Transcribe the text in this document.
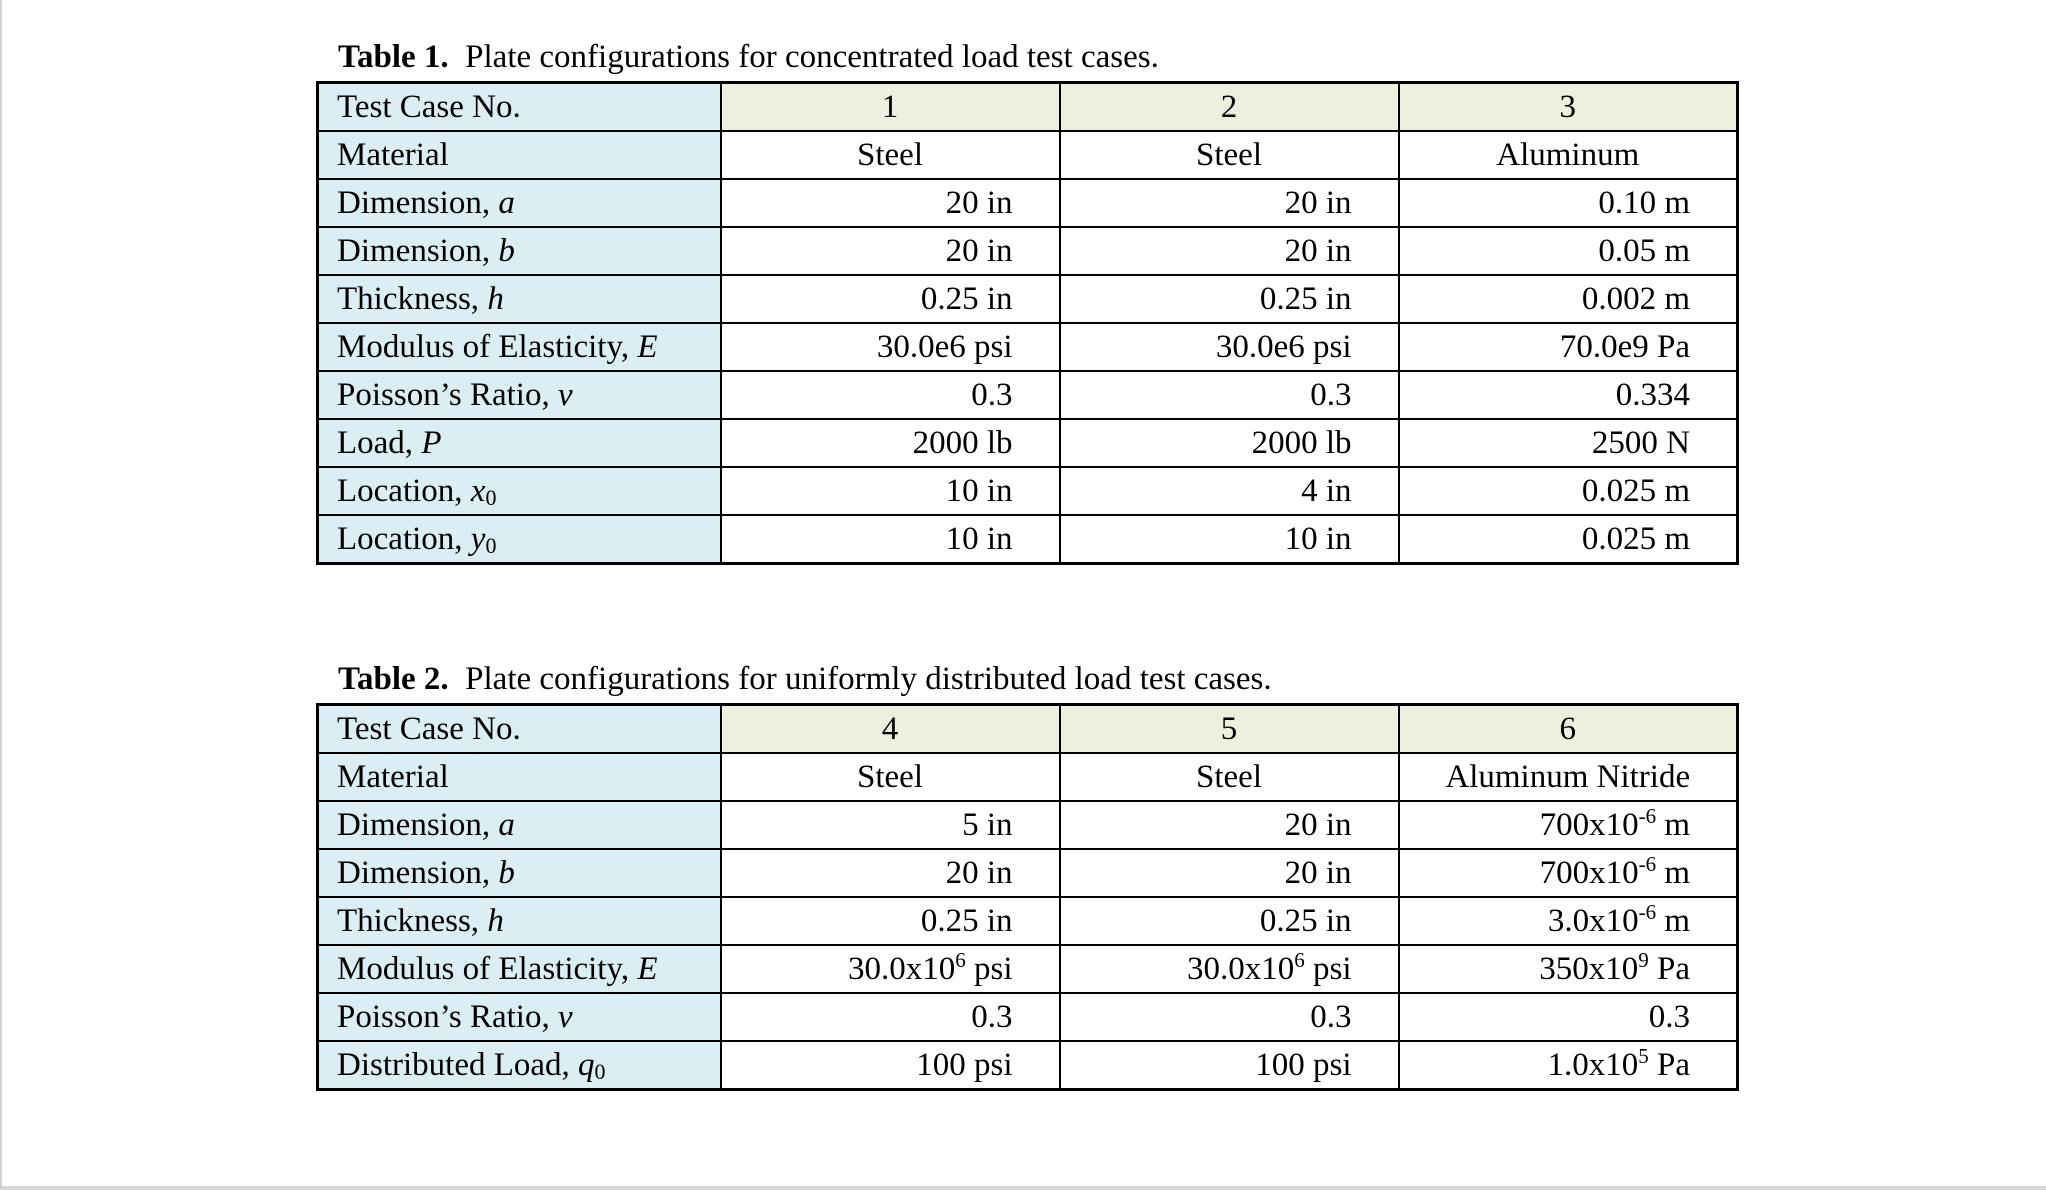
Table 1. Plate configurations for concentrated load test cases.
Test Case No.	1	2	3
Material	Steel	Steel	Aluminum
Dimension, a	20 in	20 in	0.10 m
Dimension, b	20 in	20 in	0.05 m
Thickness, h	0.25 in	0.25 in	0.002 m
Modulus of Elasticity, E	30.0e6 psi	30.0e6 psi	70.0e9 Pa
Poisson’s Ratio, ν	0.3	0.3	0.334
Load, P	2000 lb	2000 lb	2500 N
Location, $x_0$	10 in	4 in	0.025 m
Location, $y_0$	10 in	10 in	0.025 m
Table 2. Plate configurations for uniformly distributed load test cases.
Test Case No.	4	5	6
Material	Steel	Steel	Aluminum Nitride
Dimension, a	5 in	20 in	$700x10^{-6}$ m
Dimension, b	20 in	20 in	$700x10^{-6}$ m
Thickness, h	0.25 in	0.25 in	$3.0x10^{-6}$ m
Modulus of Elasticity, E	$30.0x10^6$ psi	$30.0x10^6$ psi	$350x10^9$ Pa
Poisson’s Ratio, ν	0.3	0.3	0.3
Distributed Load, $q_0$	100 psi	100 psi	$1.0x10^5$ Pa
